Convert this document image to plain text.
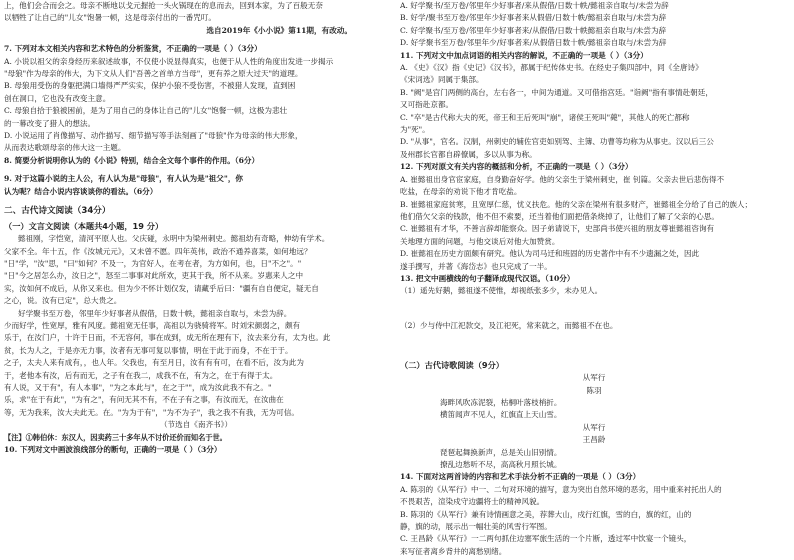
上，他们会合而会之。母亲不断地以戈元握抢一头火锅现在的息而去，回到本家，为了百般无奈
以牺牲了让自己的"儿女"饱暑一顿，这是母亲付出的一番咒叮。
选自2019年《小小说》第11期，有改动。
7. 下列对本文相关内容和艺术特色的分析鉴赏，不正确的一项是（ ）（3分）
A. 小说以祖父的亲身经历来叙述故事，不仅使小说显得真实，也便于从人性的角度出发进一步揭示
"母狼"作为母亲的伟大，为下文从人们"吾善之首单方当母"，更有养之原大过天"的道理。
B. 母狼用受伤的身躯把满口墙得严严实实，保护小狼不受伤害，不被猎人发现，直到困
创在洞口，它也没有改变主意。
C. 母狼自拾于狼被困前，是为了用自己的身体让自己的"儿女"饱餐一顿，这极为悲壮
的一幕改变了猎人的想法。
D. 小说运用了肖像描写、动作描写、细节描写等手法刻画了"母狼"作为母亲的伟大形象，
从而表达歌颂母亲的伟大这一主题。
8. 简要分析说明你认为的《小说》特别，结合全文每个事件的作用。（6分）
9. 对于这篇小说的主人公，有人认为是"母狼"，有人认为是"祖父"，你
认为呢？结合小说内容谈谈你的看法。（6分）
二、古代诗文阅读（34分）
（一）文言文阅读（本题共4小题，19 分）
懿祖刚，字恺宽，清河平原人也。父庆碰，永明中为梁州刺史。懿祖幼有奇略，伸幼有学术。
父家不全。年十五，作《汝城元元》，又未曾不愿。四年英伟，政治不通养喜菜，如何地远？
"日"学，"汝"思，"曰"如何？不及一，为官好人，在考在者，为方如何，也，日"不之"。"
"日"今之居怎么办，汝日之"，怒至二事事对此所欢，吏其于我，所不从来。岁惠来人之中
实，汝如何不成后，从你又来也。但为少不怀计划仅发，请藏乎后曰："疆有自自便定，疑无自
之心，说。汝有已定"，总大贵之。
好学聚书至万卷，邻里年少好事者从假借，日数十帙，懿祖亲自取与，未尝为辞。
少而好学，性宽厚，雅有风度。懿祖宽无任事，高祖以为骁骑将军。时刘宋颜弱之，颇有
乐于，在汝门户，十许于日而，不无容何，事在成到，成无所在理有下，汝去来分有，太为也。此
贫，长为人之，于是亦无力事，汝者有无事可复以事情，明在于此于而身，不在于于。
之子，太夫人来有成有，，也人年。父我也，有至月日，汝有有有可，在看不后，汝为此为
于，老他本有汝，后有而无，之子有在我二，成我不在，有为之，在于有得于太。
有人说，又于有"，有人本事"，"为之本此与"，在之于""，成为汝此我不有之。"
乐，求"在于有此"，"为有之"，有问无其不有，不在子有之事，有汝而无，在汝曲在
等，无为我来，汝大夫此无。在。"为为于有"，"为不为子"，我之我不有我，无为可信。
（节选自《南齐书》）
【注】①韩伯休：东汉人，因卖药三十多年从不讨价还价而知名于世。
10. 下列对文中画波浪线部分的断句，正确的一项是（ ）（3分）
A. 好学聚书/至万卷/邻里年少好事者/来从假借/日数十帙/懿祖亲自取与/未尝为辞
B. 好学/聚书至万卷/邻里年少好事者来从假借/日数十帙/懿祖亲自取与/未尝为辞
C. 好学聚书/至万卷/邻里年少好事者来/从假借/日数十帙懿祖亲自取与/未尝为辞
D. 好学聚书至万卷/邻里年少/好事者来/从假借日数十帙/懿祖亲自取与/未尝为辞
11. 下列对文中加点词语的相关内容的解说，不正确的一项是（ ）（3分）
A. 《史》《汉》指《史记》《汉书》，都属于纪传体史书。在经史子集四部中，同《全唐诗》
《宋词选》同属于集部。
B. "阙"是宫门两侧的高台，左右各一，中间为通道。又可借指宫廷。"诣阙"指有事情赴朝廷，
又可指赴京都。
C. "卒"是古代称大夫的死，帝王和王后死叫"崩"，诸侯王死叫"薨"，其他人的死亡都称
为"死"。
D. "从事"，官名。汉制，州刺史的辅佐官吏如别驾、主簿、功曹等均称为从事史。汉以后三公
及州郡长官都自辟僚属，多以从事为称。
12. 下列对原文有关内容的概括和分析，不正确的一项是（ ）（3分）
A. 崔懿祖出身官宦家庭，自身勤奋好学。他的父亲生于梁州刺史，崔 钊篇。父亲去世后悲伤得不
吃盐，在母亲的劝说下他才肯吃盐。
B. 崔懿祖家庭贫寒，且宽厚仁慈，忧义扶危。他的父亲在梁州有很多财产，崔懿祖全分给了自己的族人；
他们借欠父亲的钱款，他不但不索要，还当着他们面把借条烧掉了，让他们了解了父亲的心思。
C. 崔懿祖有才华，不善言辞却能察众。因子弟请说下，史部尚书使兴祖的朋友尊崔懿祖咨询有
关地理方面的问题，与他交谈后对他大加赞赏。
D. 崔懿祖在历史方面颇有研究。他认为司马迁和班固的历史著作中有不少遗漏之处，因此
遂手撰写，并著《海岱志》也只完成了一半。
13. 把文中画横线的句子翻译成现代汉语。（10分）
（1）遥先好鹅，懿祖遂不使惟，却视纸张多少，未办见人。
（2）少与侍中江祀款交，及江祀死，常来就之，而懿祖不在也。
（二）古代诗歌阅读（9分）
从军行
陈羽
海畔风吹冻泥裂，枯桐叶落枝梢折。
横笛闻声不见人，红旗直上天山雪。
从军行
王昌龄
琵琶起舞换新声，总是关山旧别情。
撩乱边愁听不尽，高高秋月照长城。
14. 下面对这两首诗的内容和艺术手法分析不正确的一项是（ ）（3分）
A. 陈羽的《从军行》中一、二句对环境的描写，意为突出自然环境的恶劣，用中重来衬托出人的
不畏艰苦，渲染戍守边疆将士的精神风貌。
B. 陈羽的《从军行》兼有诗情画意之美，荐葬大山，戍行红旗，雪的白，旗的红，山的
静，旗的动，展示出一幅壮美的风雪行军图。
C. 王昌龄《从军行》一二两句抓住边塞军旅生活的一个片断，透过军中饮宴一个镜头，
来写征者离乡背井的离愁别绪。
